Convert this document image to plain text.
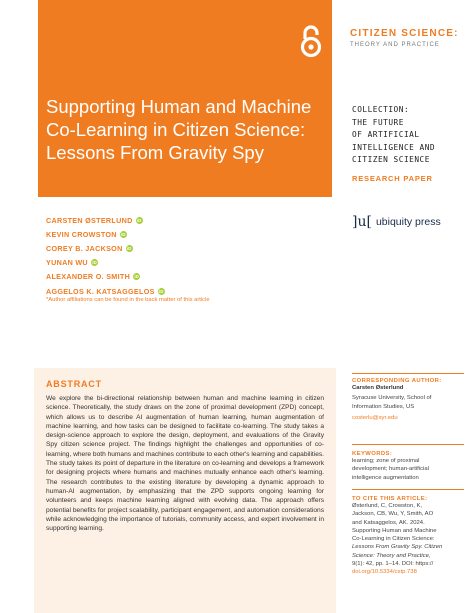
Supporting Human and Machine Co-Learning in Citizen Science: Lessons From Gravity Spy
CITIZEN SCIENCE:
THEORY AND PRACTICE
COLLECTION:
THE FUTURE
OF ARTIFICIAL
INTELLIGENCE AND
CITIZEN SCIENCE
RESEARCH PAPER
]u[ ubiquity press
CARSTEN ØSTERLUND iD
KEVIN CROWSTON iD
COREY B. JACKSON iD
YUNAN WU iD
ALEXANDER O. SMITH iD
AGGELOS K. KATSAGGELOS iD
*Author affiliations can be found in the back matter of this article
ABSTRACT
We explore the bi-directional relationship between human and machine learning in citizen science. Theoretically, the study draws on the zone of proximal development (ZPD) concept, which allows us to describe AI augmentation of human learning, human augmentation of machine learning, and how tasks can be designed to facilitate co-learning. The study takes a design-science approach to explore the design, deployment, and evaluations of the Gravity Spy citizen science project. The findings highlight the challenges and opportunities of co-learning, where both humans and machines contribute to each other's learning and capabilities. The study takes its point of departure in the literature on co-learning and develops a framework for designing projects where humans and machines mutually enhance each other's learning. The research contributes to the existing literature by developing a dynamic approach to human-AI augmentation, by emphasizing that the ZPD supports ongoing learning for volunteers and keeps machine learning aligned with evolving data. The approach offers potential benefits for project scalability, participant engagement, and automation considerations while acknowledging the importance of tutorials, community access, and expert involvement in supporting learning.
CORRESPONDING AUTHOR:
Carsten Østerlund
Syracuse University, School of
Information Studies, US
costerlu@syr.edu
KEYWORDS:
learning; zone of proximal
development; human-artificial
intelligence augmentation
TO CITE THIS ARTICLE:
Østerlund, C, Crowston, K,
Jackson, CB, Wu, Y, Smith, AO
and Katsaggelos, AK. 2024.
Supporting Human and Machine
Co-Learning in Citizen Science:
Lessons From Gravity Spy. Citizen
Science: Theory and Practice,
9(1): 42, pp. 1–14. DOI: https://
doi.org/10.5334/cstp.738
